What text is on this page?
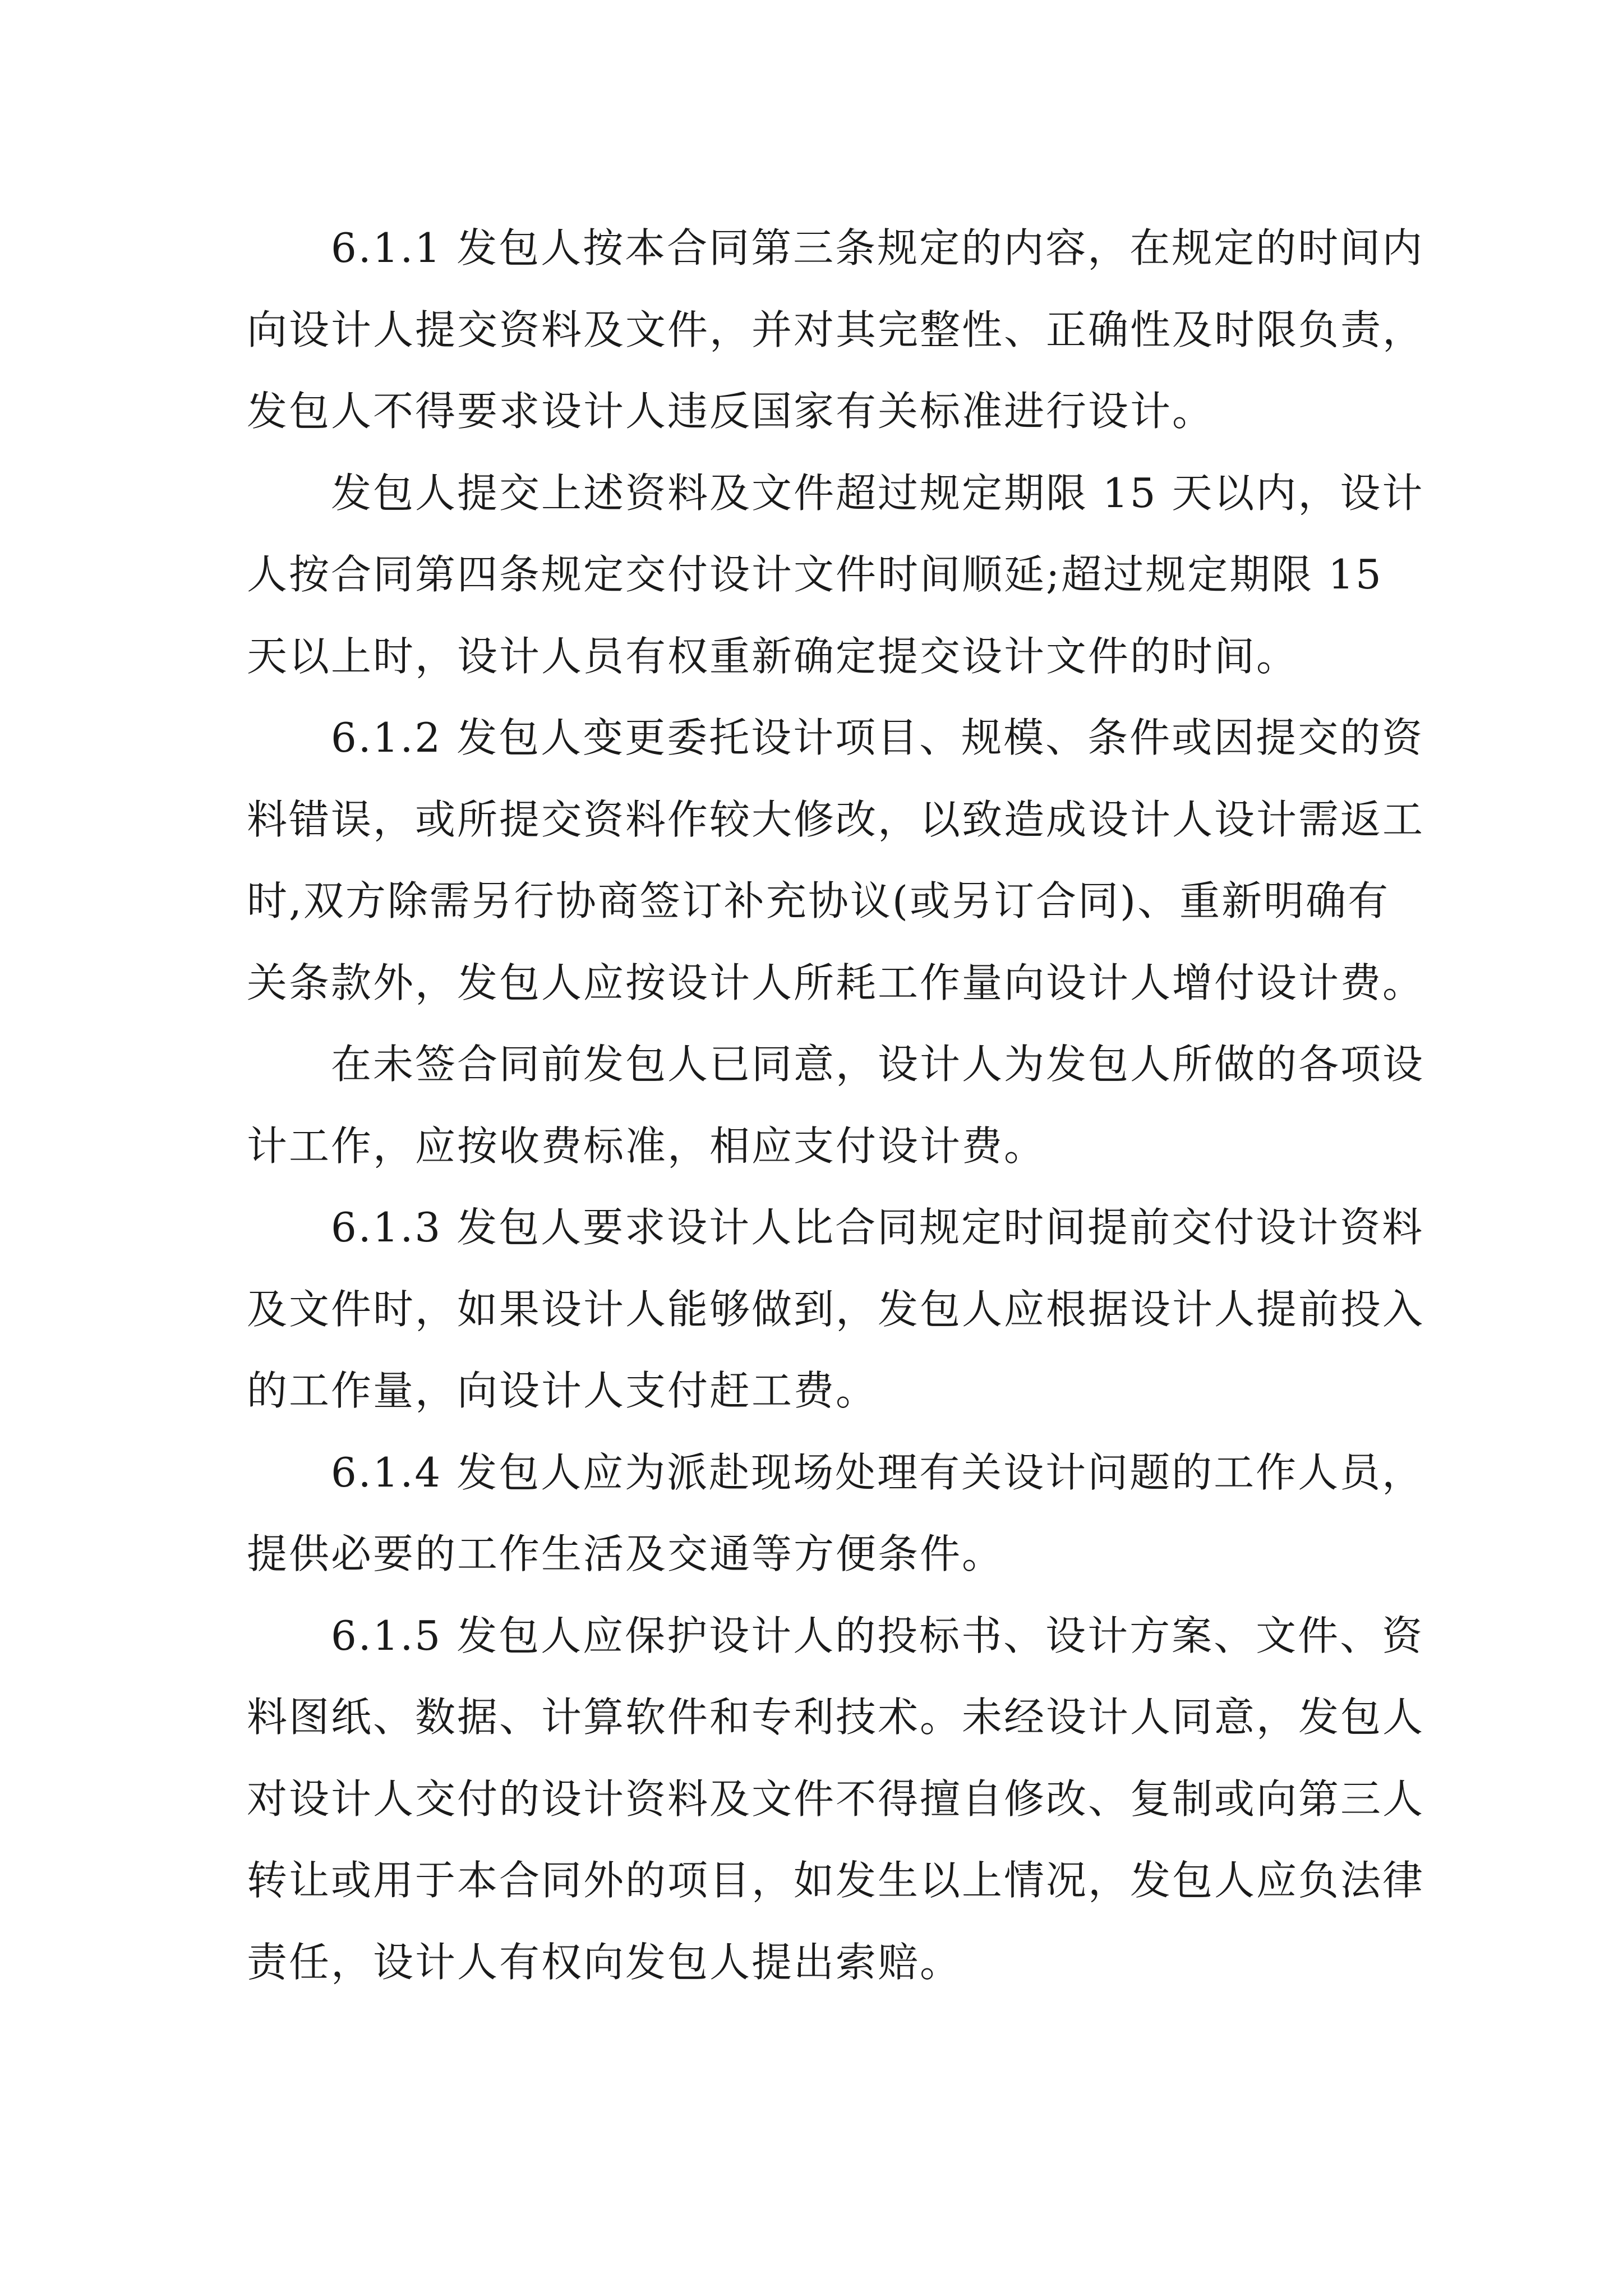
6.1.1 发包人按本合同第三条规定的内容，在规定的时间内向设计人提交资料及文件，并对其完整性、正确性及时限负责，发包人不得要求设计人违反国家有关标准进行设计。

发包人提交上述资料及文件超过规定期限 15 天以内，设计人按合同第四条规定交付设计文件时间顺延;超过规定期限 15 天以上时，设计人员有权重新确定提交设计文件的时间。

6.1.2 发包人变更委托设计项目、规模、条件或因提交的资料错误，或所提交资料作较大修改，以致造成设计人设计需返工时,双方除需另行协商签订补充协议(或另订合同)、重新明确有关条款外，发包人应按设计人所耗工作量向设计人增付设计费。

在未签合同前发包人已同意，设计人为发包人所做的各项设计工作，应按收费标准，相应支付设计费。

6.1.3 发包人要求设计人比合同规定时间提前交付设计资料及文件时，如果设计人能够做到，发包人应根据设计人提前投入的工作量，向设计人支付赶工费。

6.1.4 发包人应为派赴现场处理有关设计问题的工作人员，提供必要的工作生活及交通等方便条件。

6.1.5 发包人应保护设计人的投标书、设计方案、文件、资料图纸、数据、计算软件和专利技术。未经设计人同意，发包人对设计人交付的设计资料及文件不得擅自修改、复制或向第三人转让或用于本合同外的项目，如发生以上情况，发包人应负法律责任，设计人有权向发包人提出索赔。
